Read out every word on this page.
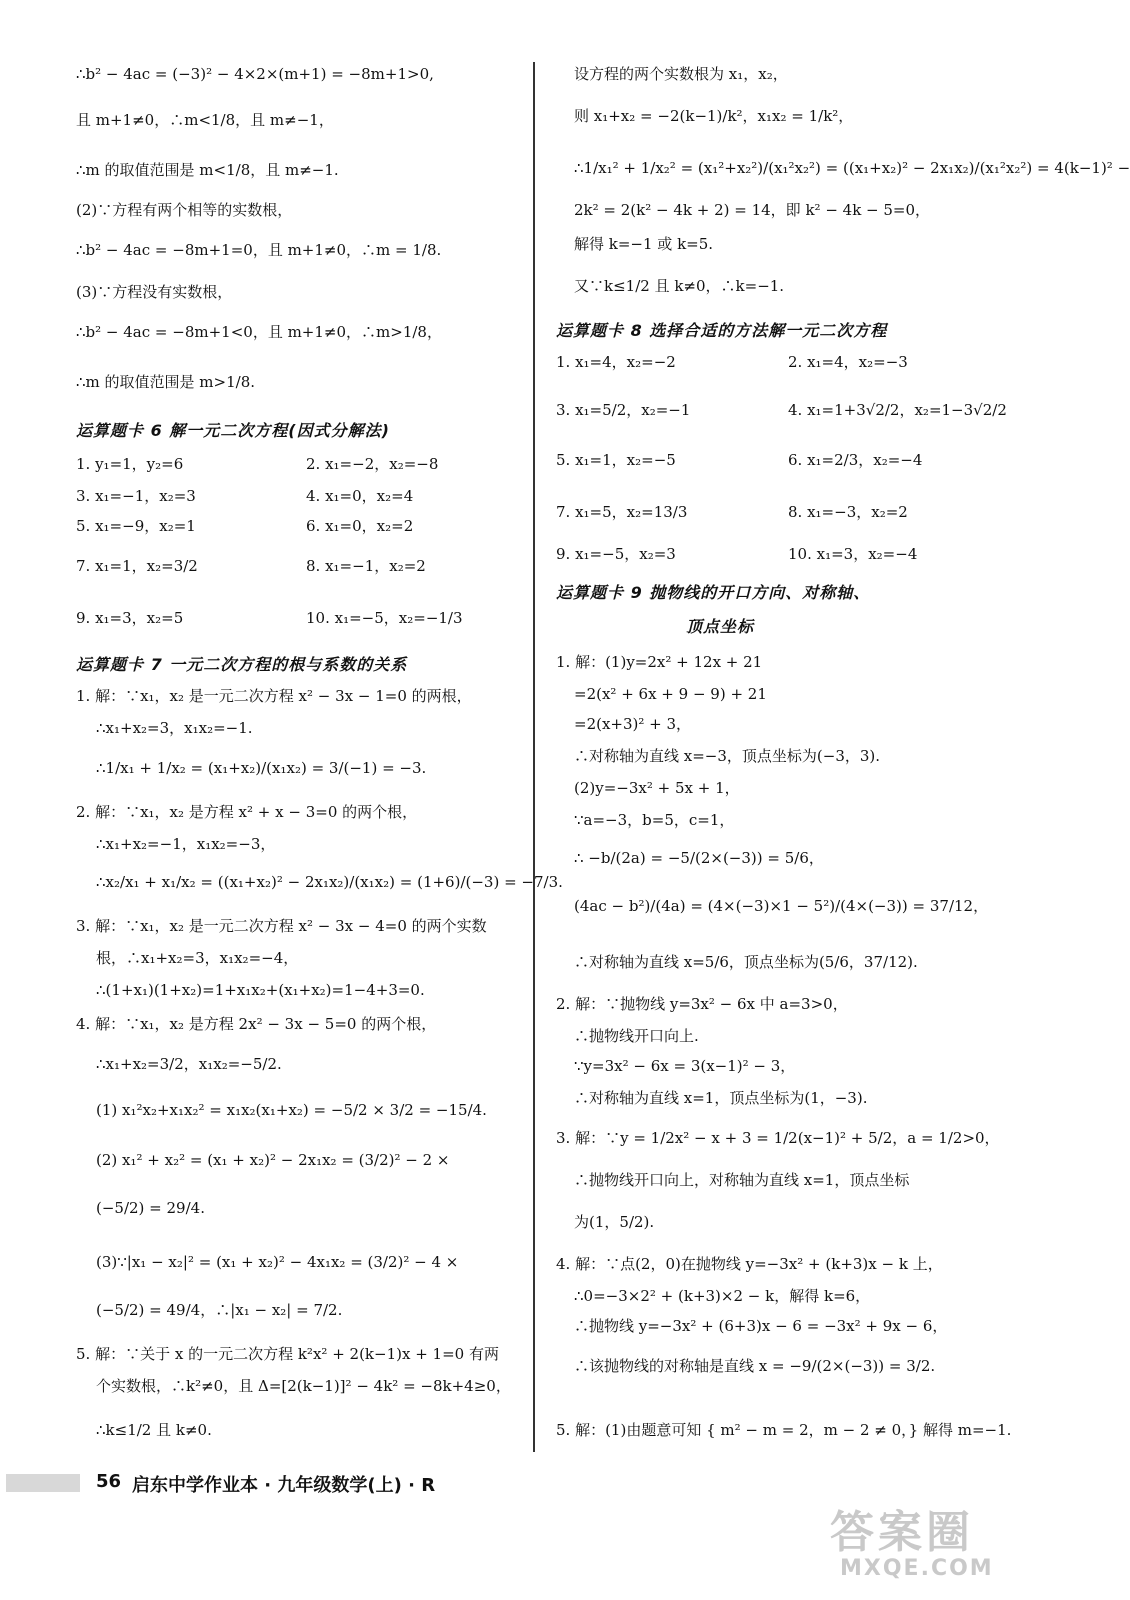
∴b² − 4ac = (−3)² − 4×2×(m+1) = −8m+1>0,
且 m+1≠0，∴m<1/8，且 m≠−1，
∴m 的取值范围是 m<1/8，且 m≠−1.
(2)∵方程有两个相等的实数根，
∴b² − 4ac = −8m+1=0，且 m+1≠0，∴m = 1/8.
(3)∵方程没有实数根，
∴b² − 4ac = −8m+1<0，且 m+1≠0，∴m>1/8，
∴m 的取值范围是 m>1/8.
1. y₁=1，y₂=6	2. x₁=−2，x₂=−8
3. x₁=−1，x₂=3	4. x₁=0，x₂=4
5. x₁=−9，x₂=1	6. x₁=0，x₂=2
7. x₁=1，x₂=3/2	8. x₁=−1，x₂=2
9. x₁=3，x₂=5	10. x₁=−5，x₂=−1/3
1. 解：∵x₁，x₂ 是一元二次方程 x² − 3x − 1=0 的两根，
∴x₁+x₂=3，x₁x₂=−1.
∴1/x₁ + 1/x₂ = (x₁+x₂)/(x₁x₂) = 3/(−1) = −3.
2. 解：∵x₁，x₂ 是方程 x² + x − 3=0 的两个根，
∴x₁+x₂=−1，x₁x₂=−3，
∴x₂/x₁ + x₁/x₂ = ((x₁+x₂)² − 2x₁x₂)/(x₁x₂) = (1+6)/(−3) = −7/3.
3. 解：∵x₁，x₂ 是一元二次方程 x² − 3x − 4=0 的两个实数
根，∴x₁+x₂=3，x₁x₂=−4，
∴(1+x₁)(1+x₂)=1+x₁x₂+(x₁+x₂)=1−4+3=0.
4. 解：∵x₁，x₂ 是方程 2x² − 3x − 5=0 的两个根，
∴x₁+x₂=3/2，x₁x₂=−5/2.
(1) x₁²x₂+x₁x₂² = x₁x₂(x₁+x₂) = −5/2 × 3/2 = −15/4.
(2) x₁² + x₂² = (x₁ + x₂)² − 2x₁x₂ = (3/2)² − 2 ×
(−5/2) = 29/4.
(3)∵|x₁ − x₂|² = (x₁ + x₂)² − 4x₁x₂ = (3/2)² − 4 ×
(−5/2) = 49/4，∴|x₁ − x₂| = 7/2.
5. 解：∵关于 x 的一元二次方程 k²x² + 2(k−1)x + 1=0 有两
个实数根，∴k²≠0，且 Δ=[2(k−1)]² − 4k² = −8k+4≥0，
∴k≤1/2 且 k≠0.
运算题卡 6 解一元二次方程(因式分解法)
运算题卡 7 一元二次方程的根与系数的关系
设方程的两个实数根为 x₁，x₂，
则 x₁+x₂ = −2(k−1)/k²，x₁x₂ = 1/k²，
∴1/x₁² + 1/x₂² = (x₁²+x₂²)/(x₁²x₂²) = ((x₁+x₂)² − 2x₁x₂)/(x₁²x₂²) = 4(k−1)² −
2k² = 2(k² − 4k + 2) = 14，即 k² − 4k − 5=0，
解得 k=−1 或 k=5.
又∵k≤1/2 且 k≠0，∴k=−1.
1. x₁=4，x₂=−2	2. x₁=4，x₂=−3
3. x₁=5/2，x₂=−1	4. x₁=1+3√2/2，x₂=1−3√2/2
5. x₁=1，x₂=−5	6. x₁=2/3，x₂=−4
7. x₁=5，x₂=13/3	8. x₁=−3，x₂=2
9. x₁=−5，x₂=3	10. x₁=3，x₂=−4
1. 解：(1)y=2x² + 12x + 21
=2(x² + 6x + 9 − 9) + 21
=2(x+3)² + 3，
∴对称轴为直线 x=−3，顶点坐标为(−3，3).
(2)y=−3x² + 5x + 1，
∵a=−3，b=5，c=1，
∴ −b/(2a) = −5/(2×(−3)) = 5/6，
(4ac − b²)/(4a) = (4×(−3)×1 − 5²)/(4×(−3)) = 37/12，
∴对称轴为直线 x=5/6，顶点坐标为(5/6，37/12).
2. 解：∵抛物线 y=3x² − 6x 中 a=3>0，
∴抛物线开口向上.
∵y=3x² − 6x = 3(x−1)² − 3，
∴对称轴为直线 x=1，顶点坐标为(1，−3).
3. 解：∵y = 1/2x² − x + 3 = 1/2(x−1)² + 5/2，a = 1/2>0，
∴抛物线开口向上，对称轴为直线 x=1，顶点坐标
为(1，5/2).
4. 解：∵点(2，0)在抛物线 y=−3x² + (k+3)x − k 上，
∴0=−3×2² + (k+3)×2 − k，解得 k=6，
∴抛物线 y=−3x² + (6+3)x − 6 = −3x² + 9x − 6，
∴该抛物线的对称轴是直线 x = −9/(2×(−3)) = 3/2.
5. 解：(1)由题意可知 { m² − m = 2，m − 2 ≠ 0，} 解得 m=−1.
运算题卡 8 选择合适的方法解一元二次方程
运算题卡 9 抛物线的开口方向、对称轴、
顶点坐标
56 启东中学作业本 · 九年级数学(上) · R
答案圈
MXQE.COM
